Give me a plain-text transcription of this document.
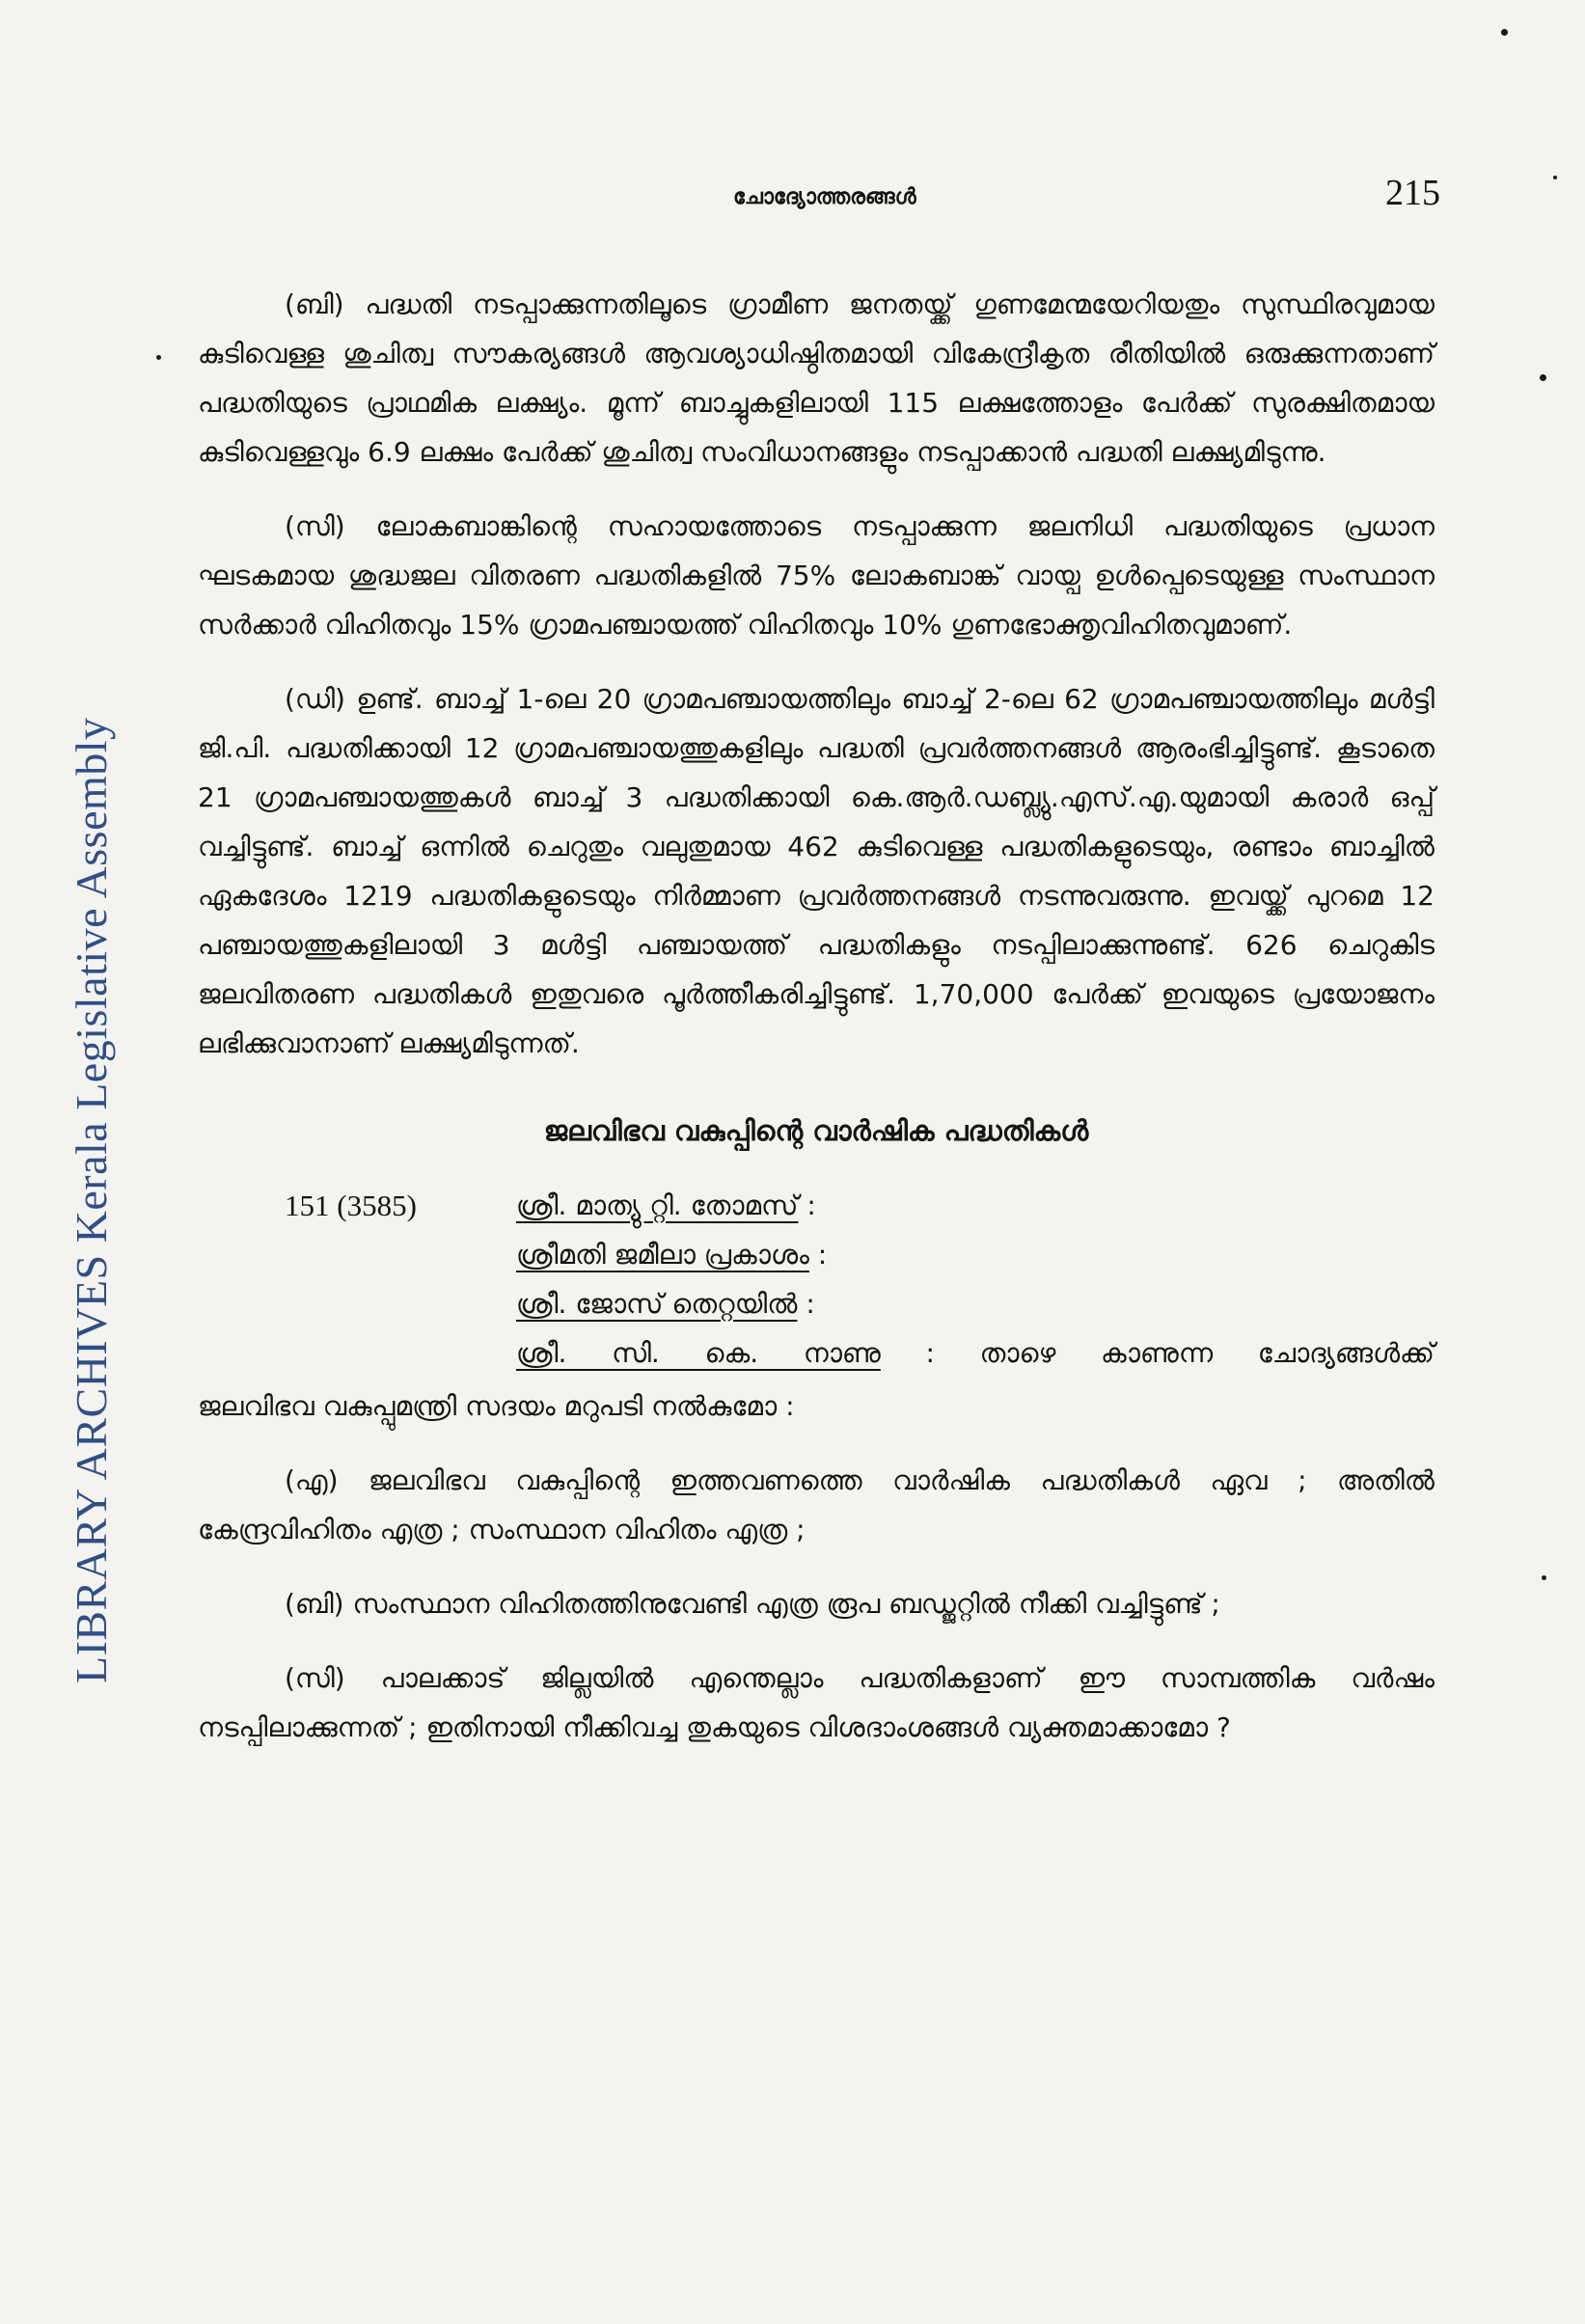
LIBRARY ARCHIVES Kerala Legislative Assembly
ചോദ്യോത്തരങ്ങൾ	215

(ബി) പദ്ധതി നടപ്പാക്കുന്നതിലൂടെ ഗ്രാമീണ ജനതയ്ക്ക് ഗുണമേന്മയേറിയതും സുസ്ഥിരവുമായ കുടിവെള്ള ശുചിത്വ സൗകര്യങ്ങൾ ആവശ്യാധിഷ്ഠിതമായി വികേന്ദ്രീകൃത രീതിയിൽ ഒരുക്കുന്നതാണ് പദ്ധതിയുടെ പ്രാഥമിക ലക്ഷ്യം. മൂന്ന് ബാച്ചുകളിലായി 115 ലക്ഷത്തോളം പേർക്ക് സുരക്ഷിതമായ കുടിവെള്ളവും 6.9 ലക്ഷം പേർക്ക് ശുചിത്വ സംവിധാനങ്ങളും നടപ്പാക്കാൻ പദ്ധതി ലക്ഷ്യമിടുന്നു.

(സി) ലോകബാങ്കിന്റെ സഹായത്തോടെ നടപ്പാക്കുന്ന ജലനിധി പദ്ധതിയുടെ പ്രധാന ഘടകമായ ശുദ്ധജല വിതരണ പദ്ധതികളിൽ 75% ലോകബാങ്ക് വായ്പ ഉൾപ്പെടെയുള്ള സംസ്ഥാന സർക്കാർ വിഹിതവും 15% ഗ്രാമപഞ്ചായത്ത് വിഹിതവും 10% ഗുണഭോക്തൃവിഹിതവുമാണ്.

(ഡി) ഉണ്ട്. ബാച്ച് 1-ലെ 20 ഗ്രാമപഞ്ചായത്തിലും ബാച്ച് 2-ലെ 62 ഗ്രാമപഞ്ചായത്തിലും മൾട്ടി ജി.പി. പദ്ധതിക്കായി 12 ഗ്രാമപഞ്ചായത്തുകളിലും പദ്ധതി പ്രവർത്തനങ്ങൾ ആരംഭിച്ചിട്ടുണ്ട്. കൂടാതെ 21 ഗ്രാമപഞ്ചായത്തുകൾ ബാച്ച് 3 പദ്ധതിക്കായി കെ.ആർ.ഡബ്ല്യു.എസ്.എ.യുമായി കരാർ ഒപ്പ് വച്ചിട്ടുണ്ട്. ബാച്ച് ഒന്നിൽ ചെറുതും വലുതുമായ 462 കുടിവെള്ള പദ്ധതികളുടെയും, രണ്ടാം ബാച്ചിൽ ഏകദേശം 1219 പദ്ധതികളുടെയും നിർമ്മാണ പ്രവർത്തനങ്ങൾ നടന്നുവരുന്നു. ഇവയ്ക്ക് പുറമെ 12 പഞ്ചായത്തുകളിലായി 3 മൾട്ടി പഞ്ചായത്ത് പദ്ധതികളും നടപ്പിലാക്കുന്നുണ്ട്. 626 ചെറുകിട ജലവിതരണ പദ്ധതികൾ ഇതുവരെ പൂർത്തീകരിച്ചിട്ടുണ്ട്. 1,70,000 പേർക്ക് ഇവയുടെ പ്രയോജനം ലഭിക്കുവാനാണ് ലക്ഷ്യമിടുന്നത്.

ജലവിഭവ വകുപ്പിന്റെ വാർഷിക പദ്ധതികൾ
151 (3585)	ശ്രീ. മാത്യു റ്റി. തോമസ് :
ശ്രീമതി ജമീലാ പ്രകാശം :
ശ്രീ. ജോസ് തെറ്റയിൽ :
ശ്രീ. സി. കെ. നാണു : താഴെ കാണുന്ന ചോദ്യങ്ങൾക്ക്

ജലവിഭവ വകുപ്പുമന്ത്രി സദയം മറുപടി നൽകുമോ :

(എ) ജലവിഭവ വകുപ്പിന്റെ ഇത്തവണത്തെ വാർഷിക പദ്ധതികൾ ഏവ ; അതിൽ കേന്ദ്രവിഹിതം എത്ര ; സംസ്ഥാന വിഹിതം എത്ര ;

(ബി) സംസ്ഥാന വിഹിതത്തിനുവേണ്ടി എത്ര രൂപ ബഡ്ജറ്റിൽ നീക്കി വച്ചിട്ടുണ്ട് ;

(സി) പാലക്കാട് ജില്ലയിൽ എന്തെല്ലാം പദ്ധതികളാണ് ഈ സാമ്പത്തിക വർഷം നടപ്പിലാക്കുന്നത് ; ഇതിനായി നീക്കിവച്ച തുകയുടെ വിശദാംശങ്ങൾ വ്യക്തമാക്കാമോ ?
